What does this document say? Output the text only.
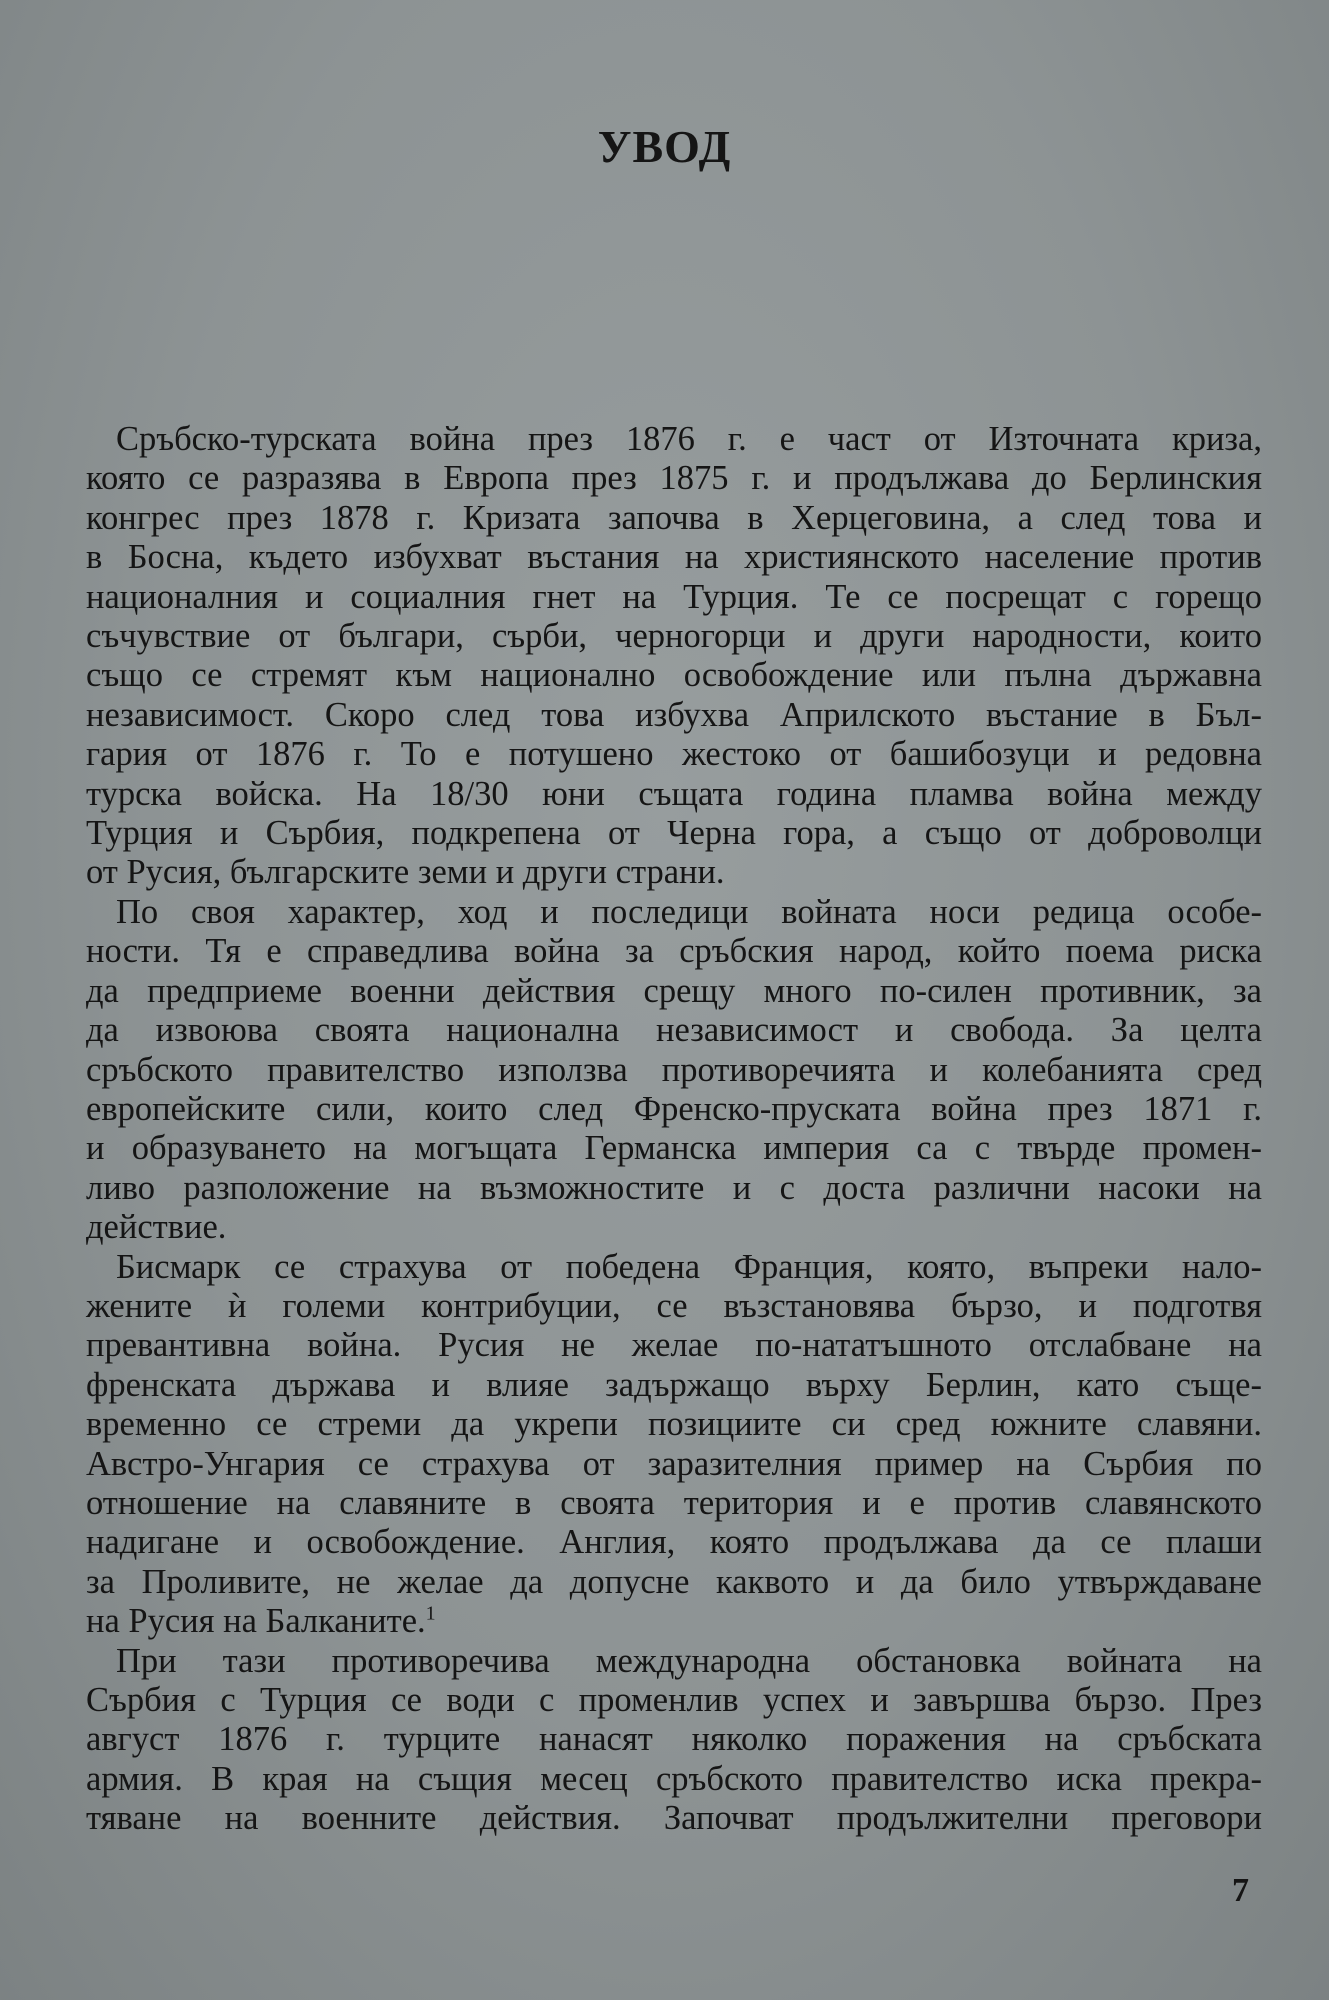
УВОД

Сръбско-турската война през 1876 г. е част от Източната криза,
която се разразява в Европа през 1875 г. и продължава до Берлинския
конгрес през 1878 г. Кризата започва в Херцеговина, а след това и
в Босна, където избухват въстания на християнското население против
националния и социалния гнет на Турция. Те се посрещат с горещо
съчувствие от българи, сърби, черногорци и други народности, които
също се стремят към национално освобождение или пълна държавна
независимост. Скоро след това избухва Априлското въстание в Бъл-
гария от 1876 г. То е потушено жестоко от башибозуци и редовна
турска войска. На 18/30 юни същата година пламва война между
Турция и Сърбия, подкрепена от Черна гора, а също от доброволци
от Русия, българските земи и други страни.

По своя характер, ход и последици войната носи редица особе-
ности. Тя е справедлива война за сръбския народ, който поема риска
да предприеме военни действия срещу много по-силен противник, за
да извоюва своята национална независимост и свобода. За целта
сръбското правителство използва противоречията и колебанията сред
европейските сили, които след Френско-пруската война през 1871 г.
и образуването на могъщата Германска империя са с твърде промен-
ливо разположение на възможностите и с доста различни насоки на
действие.

Бисмарк се страхува от победена Франция, която, въпреки нало-
жените ѝ големи контрибуции, се възстановява бързо, и подготвя
превантивна война. Русия не желае по-нататъшното отслабване на
френската държава и влияе задържащо върху Берлин, като същe-
временно се стреми да укрепи позициите си сред южните славяни.
Австро-Унгария се страхува от заразителния пример на Сърбия по
отношение на славяните в своята територия и е против славянското
надигане и освобождение. Англия, която продължава да се плаши
за Проливите, не желае да допусне каквото и да било утвърждаване
на Русия на Балканите.$^1$

При тази противоречива международна обстановка войната на
Сърбия с Турция се води с променлив успех и завършва бързо. През
август 1876 г. турците нанасят няколко поражения на сръбската
армия. В края на същия месец сръбското правителство иска прекра-
тяване на военните действия. Започват продължителни преговори

7
